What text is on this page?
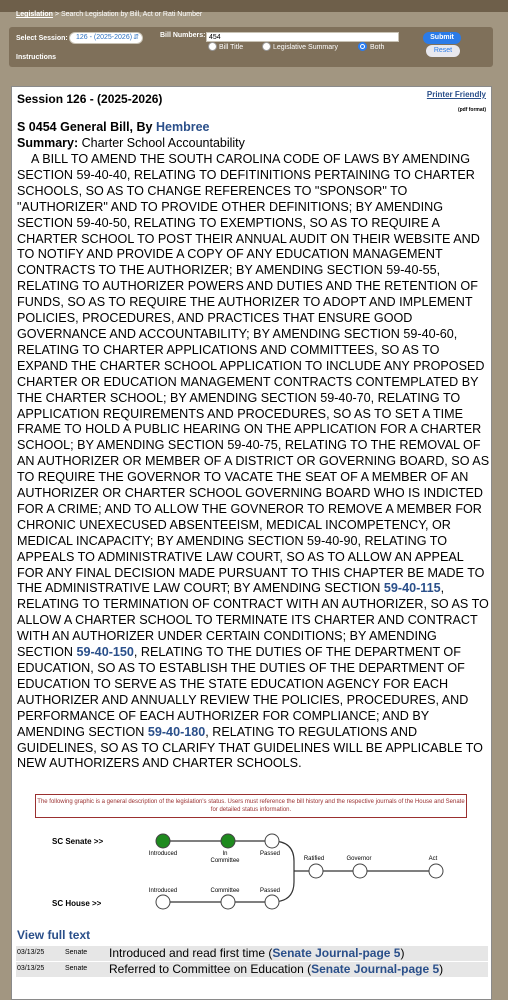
Legislation > Search Legislation by Bill, Act or Rati Number
Select Session:	126 - (2025-2026) ⇵	Bill Numbers:
454
Bill Title	Legislative Summary	Both
Submit
Reset
Instructions
Session 126 - (2025-2026)	Printer Friendly
(pdf format)
S 0454 General Bill, By Hembree
Summary: Charter School Accountability
A BILL TO AMEND THE SOUTH CAROLINA CODE OF LAWS BY AMENDING SECTION 59-40-40, RELATING TO DEFITINITIONS PERTAINING TO CHARTER SCHOOLS, SO AS TO CHANGE REFERENCES TO "SPONSOR" TO "AUTHORIZER" AND TO PROVIDE OTHER DEFINITIONS; BY AMENDING SECTION 59-40-50, RELATING TO EXEMPTIONS, SO AS TO REQUIRE A CHARTER SCHOOL TO POST THEIR ANNUAL AUDIT ON THEIR WEBSITE AND TO NOTIFY AND PROVIDE A COPY OF ANY EDUCATION MANAGEMENT CONTRACTS TO THE AUTHORIZER; BY AMENDING SECTION 59-40-55, RELATING TO AUTHORIZER POWERS AND DUTIES AND THE RETENTION OF FUNDS, SO AS TO REQUIRE THE AUTHORIZER TO ADOPT AND IMPLEMENT POLICIES, PROCEDURES, AND PRACTICES THAT ENSURE GOOD GOVERNANCE AND ACCOUNTABILITY; BY AMENDING SECTION 59-40-60, RELATING TO CHARTER APPLICATIONS AND COMMITTEES, SO AS TO EXPAND THE CHARTER SCHOOL APPLICATION TO INCLUDE ANY PROPOSED CHARTER OR EDUCATION MANAGEMENT CONTRACTS CONTEMPLATED BY THE CHARTER SCHOOL; BY AMENDING SECTION 59-40-70, RELATING TO APPLICATION REQUIREMENTS AND PROCEDURES, SO AS TO SET A TIME FRAME TO HOLD A PUBLIC HEARING ON THE APPLICATION FOR A CHARTER SCHOOL; BY AMENDING SECTION 59-40-75, RELATING TO THE REMOVAL OF AN AUTHORIZER OR MEMBER OF A DISTRICT OR GOVERNING BOARD, SO AS TO REQUIRE THE GOVERNOR TO VACATE THE SEAT OF A MEMBER OF AN AUTHORIZER OR CHARTER SCHOOL GOVERNING BOARD WHO IS INDICTED FOR A CRIME; AND TO ALLOW THE GOVNEROR TO REMOVE A MEMBER FOR CHRONIC UNEXECUSED ABSENTEEISM, MEDICAL INCOMPETENCY, OR MEDICAL INCAPACITY; BY AMENDING SECTION 59-40-90, RELATING TO APPEALS TO ADMINISTRATIVE LAW COURT, SO AS TO ALLOW AN APPEAL FOR ANY FINAL DECISION MADE PURSUANT TO THIS CHAPTER BE MADE TO THE ADMINISTRATIVE LAW COURT; BY AMENDING SECTION 59-40-115, RELATING TO TERMINATION OF CONTRACT WITH AN AUTHORIZER, SO AS TO ALLOW A CHARTER SCHOOL TO TERMINATE ITS CHARTER AND CONTRACT WITH AN AUTHORIZER UNDER CERTAIN CONDITIONS; BY AMENDING SECTION 59-40-150, RELATING TO THE DUTIES OF THE DEPARTMENT OF EDUCATION, SO AS TO ESTABLISH THE DUTIES OF THE DEPARTMENT OF EDUCATION TO SERVE AS THE STATE EDUCATION AGENCY FOR EACH AUTHORIZER AND ANNUALLY REVIEW THE POLICIES, PROCEDURES, AND PERFORMANCE OF EACH AUTHORIZER FOR COMPLIANCE; AND BY AMENDING SECTION 59-40-180, RELATING TO REGULATIONS AND GUIDELINES, SO AS TO CLARIFY THAT GUIDELINES WILL BE APPLICABLE TO NEW AUTHORIZERS AND CHARTER SCHOOLS.
The following graphic is a general description of the legislation's status. Users must reference the bill history and the respective journals of the House and Senate for detailed status information.
SC Senate >>
SC House >>
Introduced	In Committee
Passed
Introduced	Committee	Passed
Ratified	Governor	Act
View full text
03/13/25	Senate Introduced and read first time (Senate Journal-page 5)
03/13/25	Senate Referred to Committee on Education (Senate Journal-page 5)
